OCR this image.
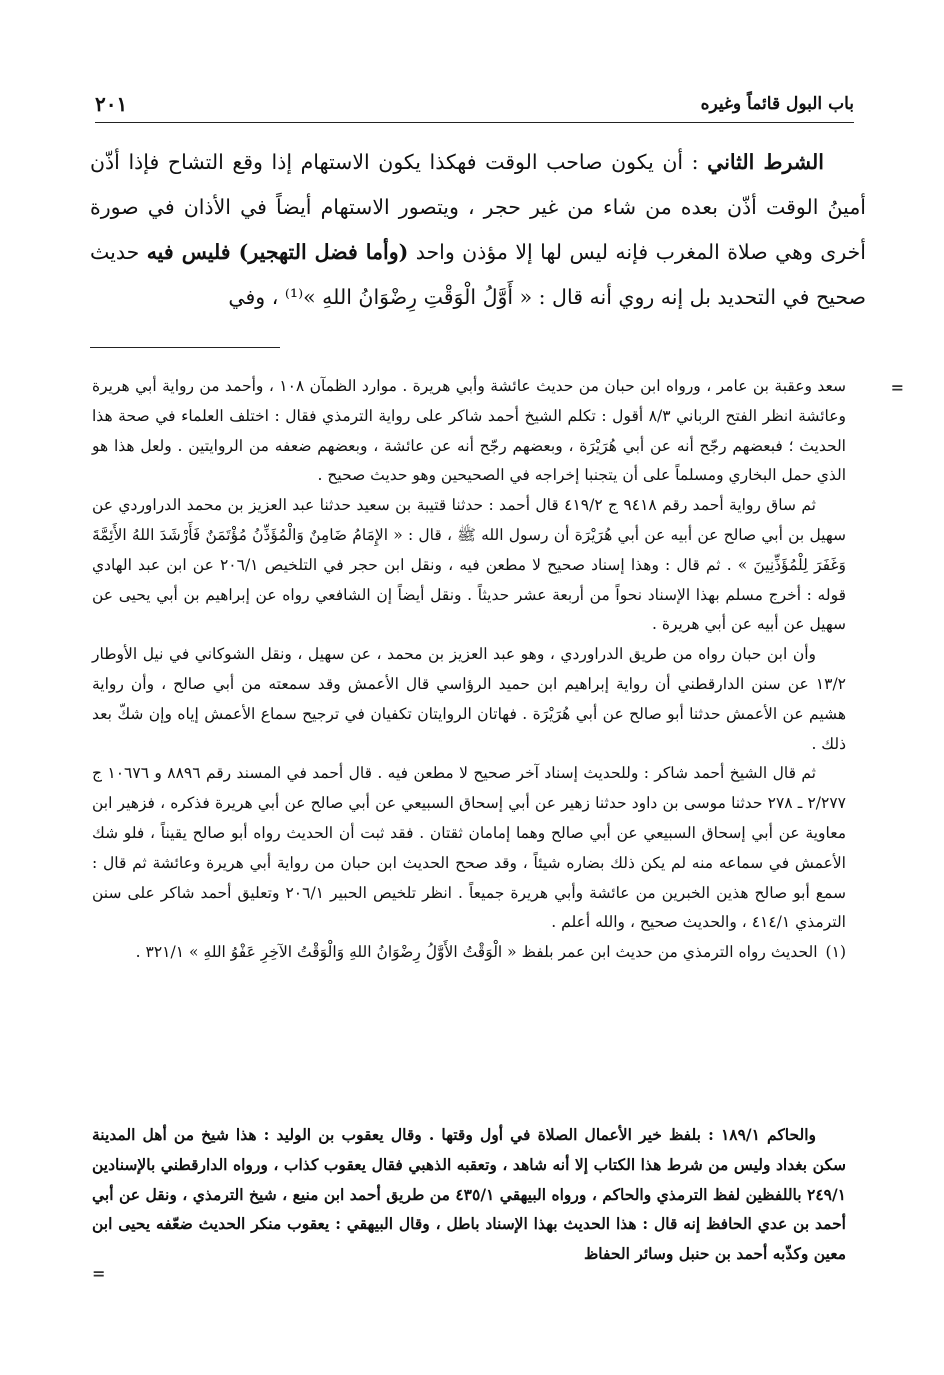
٢٠١	باب البول قائماً وغيره

الشرط الثاني : أن يكون صاحب الوقت فهكذا يكون الاستهام إذا وقع التشاح فإذا أذّن أمينُ الوقت أذّن بعده من شاء من غير حجر ، ويتصور الاستهام أيضاً في الأذان في صورة أخرى وهي صلاة المغرب فإنه ليس لها إلا مؤذن واحد (وأما فضل التهجير) فليس فيه حديث صحيح في التحديد بل إنه روي أنه قال : « أَوَّلُ الْوَقْتِ رِضْوَانُ اللهِ »⁽¹⁾ ، وفي

=

سعد وعقبة بن عامر ، ورواه ابن حبان من حديث عائشة وأبي هريرة . موارد الظمآن ١٠٨ ، وأحمد من رواية أبي هريرة وعائشة انظر الفتح الرباني ٨/٣ أقول : تكلم الشيخ أحمد شاكر على رواية الترمذي فقال : اختلف العلماء في صحة هذا الحديث ؛ فبعضهم رجّح أنه عن أبي هُرَيْرَة ، وبعضهم رجّح أنه عن عائشة ، وبعضهم ضعفه من الروايتين . ولعل هذا هو الذي حمل البخاري ومسلماً على أن يتجنبا إخراجه في الصحيحين وهو حديث صحيح .

ثم ساق رواية أحمد رقم ٩٤١٨ ج ٤١٩/٢ قال أحمد : حدثنا قتيبة بن سعيد حدثنا عبد العزيز بن محمد الدراوردي عن سهيل بن أبي صالح عن أبيه عن أبي هُرَيْرَة أن رسول الله ﷺ ، قال : « الإِمَامُ ضَامِنٌ وَالْمُؤَذِّنُ مُؤْتَمَنٌ فَأَرْشَدَ اللهُ الأَئِمَّةَ وَغَفَرَ لِلْمُؤَذِّنِينَ » . ثم قال : وهذا إسناد صحيح لا مطعن فيه ، ونقل ابن حجر في التلخيص ٢٠٦/١ عن ابن عبد الهادي قوله : أخرج مسلم بهذا الإسناد نحواً من أربعة عشر حديثاً . ونقل أيضاً إن الشافعي رواه عن إبراهيم بن أبي يحيى عن سهيل عن أبيه عن أبي هريرة .

وأن ابن حبان رواه من طريق الدراوردي ، وهو عبد العزيز بن محمد ، عن سهيل ، ونقل الشوكاني في نيل الأوطار ١٣/٢ عن سنن الدارقطني أن رواية إبراهيم ابن حميد الرؤاسي قال الأعمش وقد سمعته من أبي صالح ، وأن رواية هشيم عن الأعمش حدثنا أبو صالح عن أبي هُرَيْرَة . فهاتان الروايتان تكفيان في ترجيح سماع الأعمش إياه وإن شكّ بعد ذلك .

ثم قال الشيخ أحمد شاكر : وللحديث إسناد آخر صحيح لا مطعن فيه . قال أحمد في المسند رقم ٨٨٩٦ و ١٠٦٧٦ ج ٢/٢٧٧ ـ ٢٧٨ حدثنا موسى بن داود حدثنا زهير عن أبي إسحاق السبيعي عن أبي صالح عن أبي هريرة فذكره ، فزهير ابن معاوية عن أبي إسحاق السبيعي عن أبي صالح وهما إمامان ثقتان . فقد ثبت أن الحديث رواه أبو صالح يقيناً ، فلو شك الأعمش في سماعه منه لم يكن ذلك بضاره شيئاً ، وقد صحح الحديث ابن حبان من رواية أبي هريرة وعائشة ثم قال : سمع أبو صالح هذين الخبرين من عائشة وأبي هريرة جميعاً . انظر تلخيص الحبير ٢٠٦/١ وتعليق أحمد شاكر على سنن الترمذي ٤١٤/١ ، والحديث صحيح ، والله أعلم .

(١)الحديث رواه الترمذي من حديث ابن عمر بلفظ « الْوَقْتُ الأَوَّلُ رِضْوَانُ اللهِ وَالْوَقْتُ الآخِرِ عَفْوُ اللهِ » ٣٢١/١ .

والحاكم ١٨٩/١ : بلفظ خير الأعمال الصلاة في أول وقتها . وقال يعقوب بن الوليد : هذا شيخ من أهل المدينة سكن بغداد وليس من شرط هذا الكتاب إلا أنه شاهد ، وتعقبه الذهبي فقال يعقوب كذاب ، ورواه الدارقطني بالإسنادين ٢٤٩/١ باللفظين لفظ الترمذي والحاكم ، ورواه البيهقي ٤٣٥/١ من طريق أحمد ابن منيع ، شيخ الترمذي ، ونقل عن أبي أحمد بن عدي الحافظ إنه قال : هذا الحديث بهذا الإسناد باطل ، وقال البيهقي : يعقوب منكر الحديث ضعّفه يحيى ابن معين وكذّبه أحمد بن حنبل وسائر الحفاظ

=
